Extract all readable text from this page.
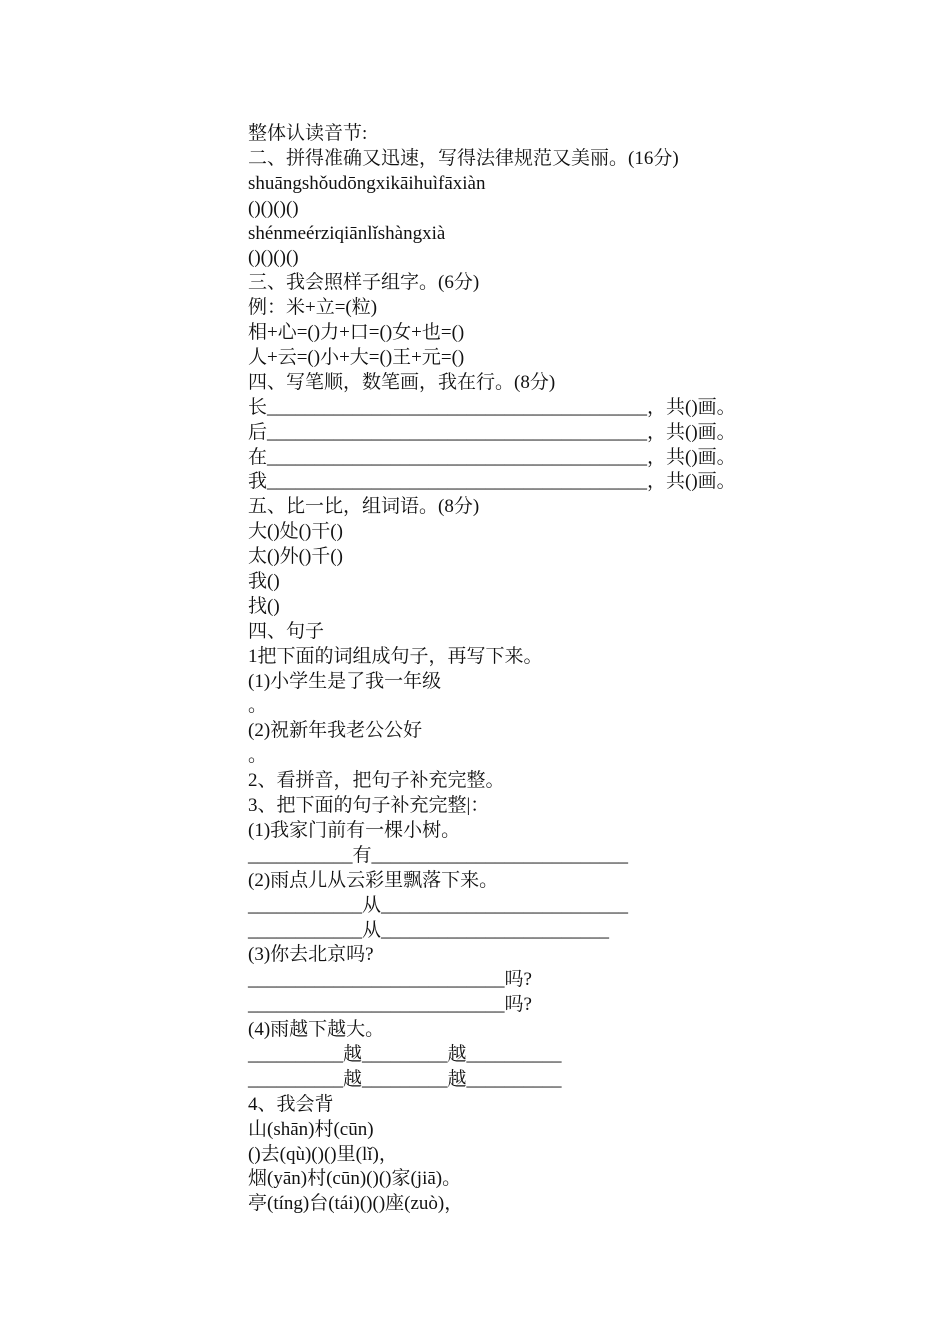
整体认读音节:
二、拼得准确又迅速，写得法律规范又美丽。(16分)
shuāngshǒudōngxikāihuìfāxiàn
()()()()
shénmeérziqiānlǐshàngxià
()()()()
三、我会照样子组字。(6分)
例：米+立=(粒)
相+心=()力+口=()女+也=()
人+云=()小+大=()王+元=()
四、写笔顺，数笔画，我在行。(8分)
长________________________________________，共()画。
后________________________________________，共()画。
在________________________________________，共()画。
我________________________________________，共()画。
五、比一比，组词语。(8分)
大()处()干()
太()外()千()
我()
找()
四、句子
1把下面的词组成句子，再写下来。
(1)小学生是了我一年级
。
(2)祝新年我老公公好
。
2、看拼音，把句子补充完整。
3、把下面的句子补充完整|：
(1)我家门前有一棵小树。
___________有___________________________
(2)雨点儿从云彩里飘落下来。
____________从__________________________
____________从________________________
(3)你去北京吗?
___________________________吗?
___________________________吗?
(4)雨越下越大。
__________越_________越__________
__________越_________越__________
4、我会背
山(shān)村(cūn)
()去(qù)()()里(lǐ)，
烟(yān)村(cūn)()()家(jiā)。
亭(tíng)台(tái)()()座(zuò)，
